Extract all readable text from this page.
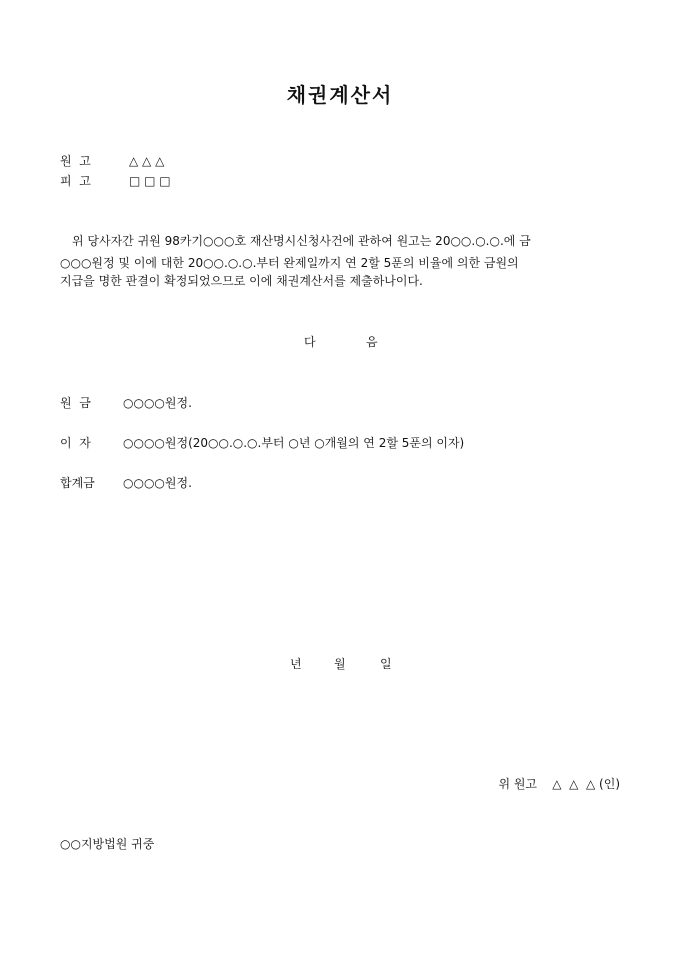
채권계산서
원  고	△ △ △
피  고	□ □ □
위 당사자간 귀원 98카기○○○호 재산명시신청사건에 관하여 원고는 20○○.○.○.에 금
○○○원정 및 이에 대한 20○○.○.○.부터 완제일까지 연 2할 5푼의 비율에 의한 금원의
지급을 명한 판결이 확정되었으므로 이에 채권계산서를 제출하나이다.
다	음
원  금	○○○○원정.
이  자	○○○○원정(20○○.○.○.부터 ○년 ○개월의 연 2할 5푼의 이자)
합계금 ○○○○원정.
년	월	일
위 원고    △  △  △ (인)
○○지방법원 귀중
